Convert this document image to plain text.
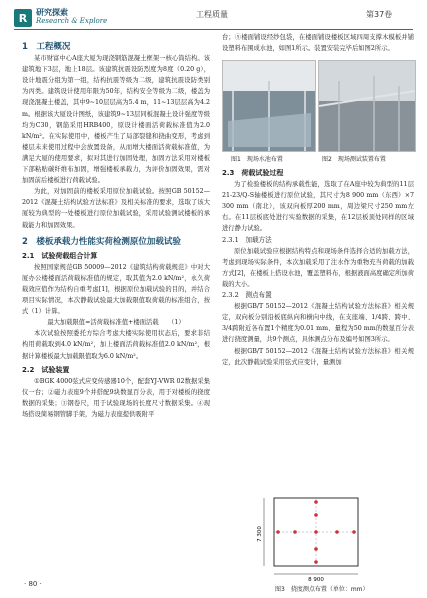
R	研究探索
Research & Explore
工程质量	第37卷
1　工程概况

某市财富中心A座大厦为现浇钢筋混凝土框架一核心筒结构。该建筑地下3层，地上18层。该建筑抗震设防烈度为8度（0.20 g），设计地震分组为第一组，结构抗震等级为二级，建筑抗震设防类别为丙类。建筑设计使用年限为50年，结构安全等级为二级，楼盖为现浇混凝土楼盖，其中9~10层层高为5.4 m，11~13层层高为4.2 m。根据该大厦设计图纸，该建筑9~13层同板混凝土设计强度等级均为C30，钢筋采用HRB400，原设计楼面活荷载标准值为2.0 kN/m²。在实际使用中，楼板产生了局部裂缝和挠曲变形，考虑到楼层未来使用过程中会放置设备，从而增大楼面活荷载标准值，为满足大厦的使用要求，拟对其进行加固处理，加固方法采用对楼板下部粘贴碳纤维布加固，增强楼板承载力，为评价加固效果，需对加固前后楼板进行荷载试验。

为此，对加固前的楼板采用原位加载试验。按照GB 50152—2012《混凝土结构试验方法标准》及相关标准的要求，选取了该大厦较为典型的一处楼板进行原位加载试验，采用试验测试楼板的承载能力和加固效果。

2　楼板承载力性能实荷检测原位加载试验
2.1　试验荷载组合计算

按照国家规范GB 50009—2012《建筑结构荷载规范》中对大厦办公楼楼面活荷载标准值的规定，取其值为2.0 kN/m²，永久荷载效应值作为结构自重考虑[1]，根据原位加载试验的目的，并结合项目实际情况，本次静载试验最大加载限值取荷载的标准组合，按式（1）计算。

最大加载限值=活荷载标准值+楼面活载　　（1）

本次试验按照委托方综合考虑大楼实际使用状态后，要求非结构用荷载取到4.0 kN/m²，加上楼面活荷载标准值2.0 kN/m²，根据计算楼板最大加载限值取为6.0 kN/m²。

2.2　试验装置

①BGK 4000弦式应变传感器10个，配套YJ-VWR 02数据采集仪一台；②磁力表座9个并搭配9块数显百分表，用于对楼板的挠度数据的采集；③钢卷尺，用于试验现场的长度尺寸数据采集。④现场搭设简易钢管脚手架，为磁力表座提供吸附平

台；⑤楼面铺设经纱包袋，在楼面铺设楼板区域四周支撑木模板并铺设塑料布围成水池，如图1所示。装置安装完毕后如图2所示。

图1　现场水池布置	图2　现场测试装置布置
2.3　荷载试验过程

为了检验楼板的结构承载性能，选取了在A座中较为典型的11层21-23/Q-S轴楼板进行原位试验，其尺寸为8 900 mm（东西）×7 300 mm（南北），该双向板厚200 mm，周边梁尺寸250 mm左右。在11层板底处进行实验数据的采集，在12层板顶处同样的区域进行静力试验。

2.3.1　加载方法

原位加载试验应根据结构特点和现场条件选择合适的加载方法，考虑到现场实际条件，本次加载采用了注水作为重物充当荷载的加载方式[2]，在楼板上搭设水池，覆盖塑料布，根据液面高度确定所加荷载的大小。

2.3.2　测点布置

根据GB/T 50152—2012《混凝土结构试验方法标准》相关规定，双向板分别沿板底纵向和横向中线，在支座端、1/4跨、跨中、3/4跨附近各布置1个精度为0.01 mm、量程为50 mm的数显百分表进行挠度测量，共9个测点，具体测点分布及编号如图3所示。

根据GB/T 50152—2012《混凝土结构试验方法标准》相关规定，此次静载试验采用弦式应变计，量测加

8 900
7 300
图3　挠度测点布置（单位：mm）
· 80 ·
